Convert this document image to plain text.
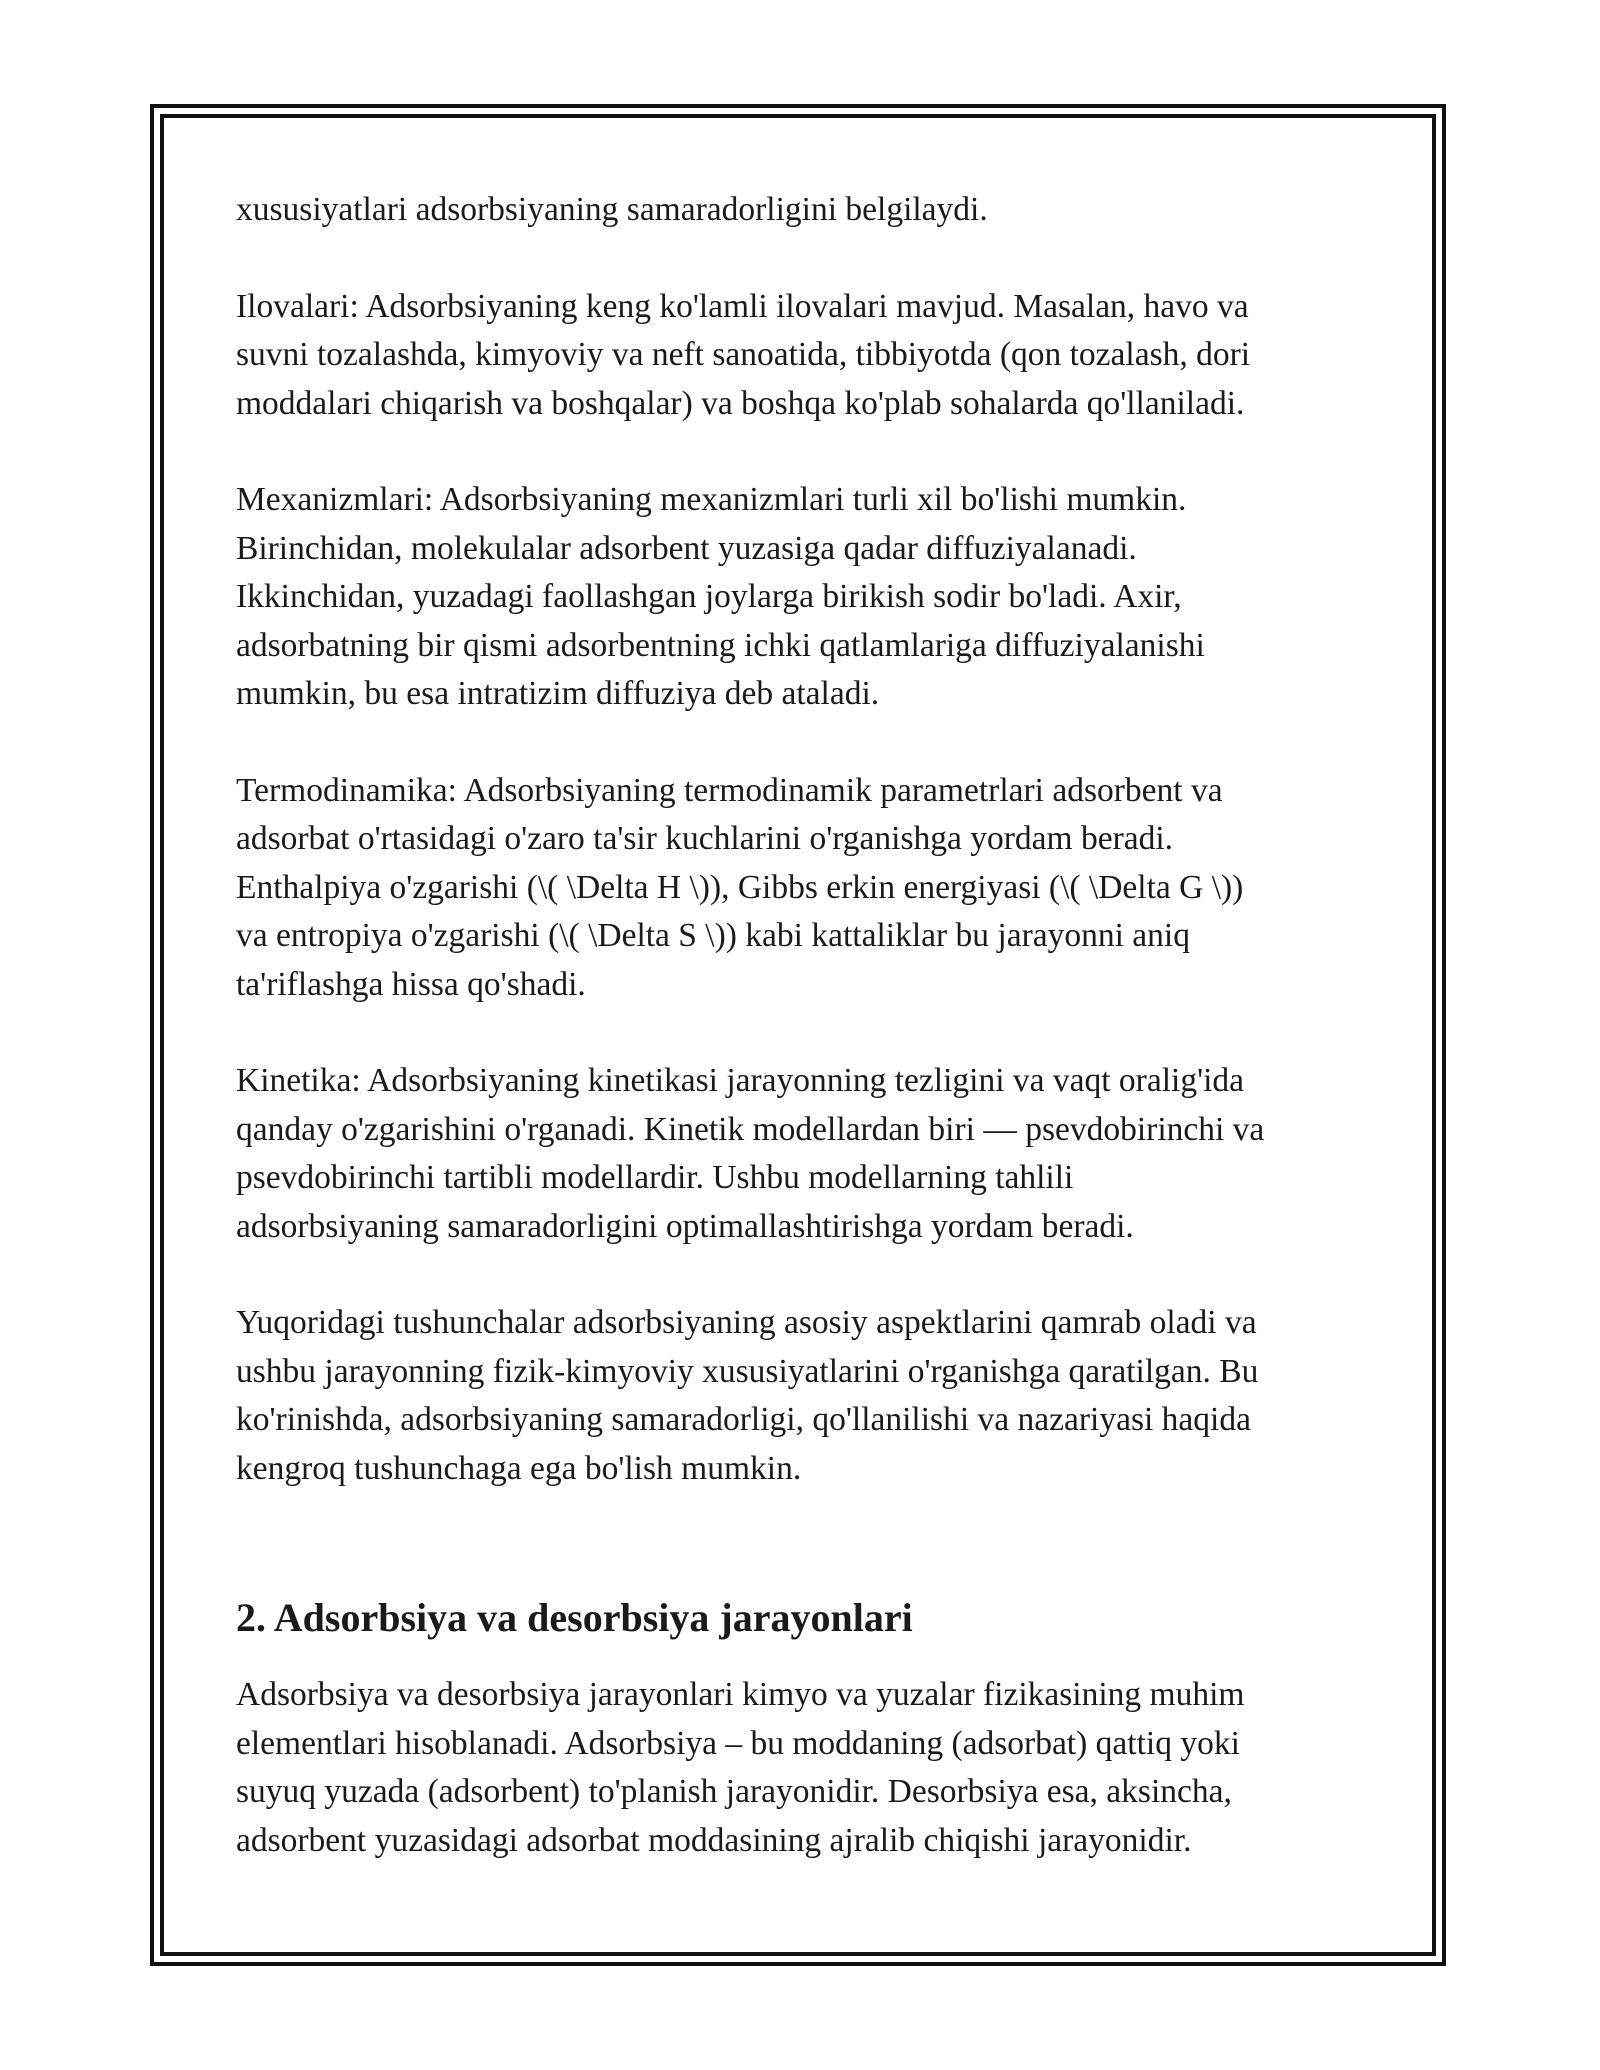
xususiyatlari adsorbsiyaning samaradorligini belgilaydi.

Ilovalari: Adsorbsiyaning keng ko'lamli ilovalari mavjud. Masalan, havo va
suvni tozalashda, kimyoviy va neft sanoatida, tibbiyotda (qon tozalash, dori
moddalari chiqarish va boshqalar) va boshqa ko'plab sohalarda qo'llaniladi.

Mexanizmlari: Adsorbsiyaning mexanizmlari turli xil bo'lishi mumkin.
Birinchidan, molekulalar adsorbent yuzasiga qadar diffuziyalanadi.
Ikkinchidan, yuzadagi faollashgan joylarga birikish sodir bo'ladi. Axir,
adsorbatning bir qismi adsorbentning ichki qatlamlariga diffuziyalanishi
mumkin, bu esa intratizim diffuziya deb ataladi.

Termodinamika: Adsorbsiyaning termodinamik parametrlari adsorbent va
adsorbat o'rtasidagi o'zaro ta'sir kuchlarini o'rganishga yordam beradi.
Enthalpiya o'zgarishi (\( \Delta H \)), Gibbs erkin energiyasi (\( \Delta G \))
va entropiya o'zgarishi (\( \Delta S \)) kabi kattaliklar bu jarayonni aniq
ta'riflashga hissa qo'shadi.

Kinetika: Adsorbsiyaning kinetikasi jarayonning tezligini va vaqt oralig'ida
qanday o'zgarishini o'rganadi. Kinetik modellardan biri — psevdobirinchi va
psevdobirinchi tartibli modellardir. Ushbu modellarning tahlili
adsorbsiyaning samaradorligini optimallashtirishga yordam beradi.

Yuqoridagi tushunchalar adsorbsiyaning asosiy aspektlarini qamrab oladi va
ushbu jarayonning fizik-kimyoviy xususiyatlarini o'rganishga qaratilgan. Bu
ko'rinishda, adsorbsiyaning samaradorligi, qo'llanilishi va nazariyasi haqida
kengroq tushunchaga ega bo'lish mumkin.

2. Adsorbsiya va desorbsiya jarayonlari

Adsorbsiya va desorbsiya jarayonlari kimyo va yuzalar fizikasining muhim
elementlari hisoblanadi. Adsorbsiya – bu moddaning (adsorbat) qattiq yoki
suyuq yuzada (adsorbent) to'planish jarayonidir. Desorbsiya esa, aksincha,
adsorbent yuzasidagi adsorbat moddasining ajralib chiqishi jarayonidir.
